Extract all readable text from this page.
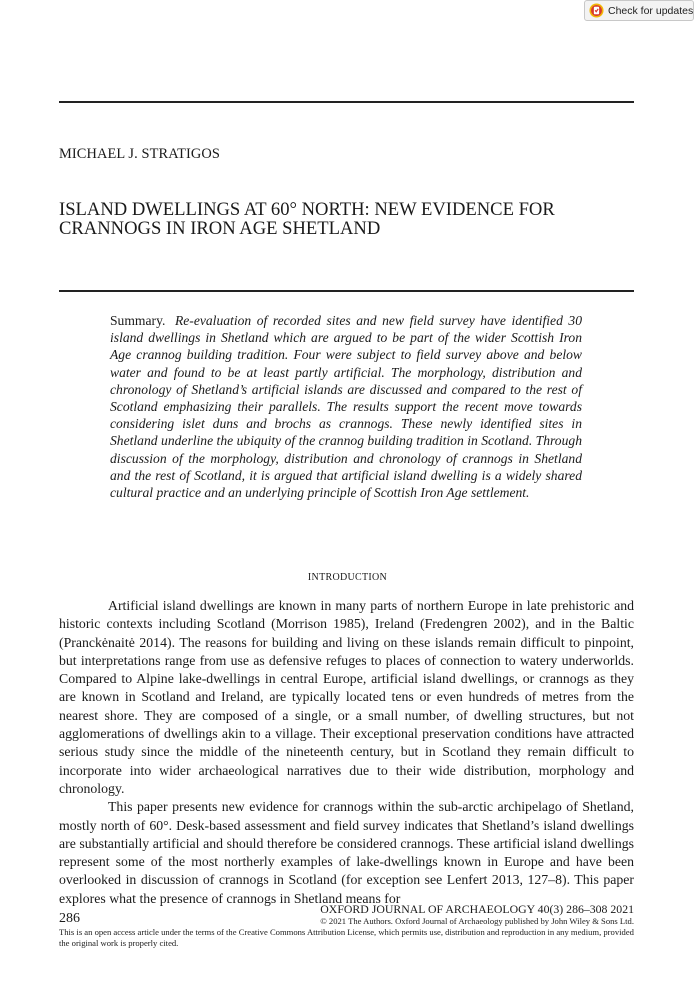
Check for updates
MICHAEL J. STRATIGOS
ISLAND DWELLINGS AT 60° NORTH: NEW EVIDENCE FOR
CRANNOGS IN IRON AGE SHETLAND
Summary. Re-evaluation of recorded sites and new field survey have identified 30 island dwellings in Shetland which are argued to be part of the wider Scottish Iron Age crannog building tradition. Four were subject to field survey above and below water and found to be at least partly artificial. The morphology, distribution and chronology of Shetland’s artificial islands are discussed and compared to the rest of Scotland emphasizing their parallels. The results support the recent move towards considering islet duns and brochs as crannogs. These newly identified sites in Shetland underline the ubiquity of the crannog building tradition in Scotland. Through discussion of the morphology, distribution and chronology of crannogs in Shetland and the rest of Scotland, it is argued that artificial island dwelling is a widely shared cultural practice and an underlying principle of Scottish Iron Age settlement.
INTRODUCTION

Artificial island dwellings are known in many parts of northern Europe in late prehistoric and historic contexts including Scotland (Morrison 1985), Ireland (Fredengren 2002), and in the Baltic (Pranckėnaitė 2014). The reasons for building and living on these islands remain difficult to pinpoint, but interpretations range from use as defensive refuges to places of connection to watery underworlds. Compared to Alpine lake-dwellings in central Europe, artificial island dwellings, or crannogs as they are known in Scotland and Ireland, are typically located tens or even hundreds of metres from the nearest shore. They are composed of a single, or a small number, of dwelling structures, but not agglomerations of dwellings akin to a village. Their exceptional preservation conditions have attracted serious study since the middle of the nineteenth century, but in Scotland they remain difficult to incorporate into wider archaeological narratives due to their wide distribution, morphology and chronology.

This paper presents new evidence for crannogs within the sub-arctic archipelago of Shetland, mostly north of 60°. Desk-based assessment and field survey indicates that Shetland’s island dwellings are substantially artificial and should therefore be considered crannogs. These artificial island dwellings represent some of the most northerly examples of lake-dwellings known in Europe and have been overlooked in discussion of crannogs in Scotland (for exception see Lenfert 2013, 127–8). This paper explores what the presence of crannogs in Shetland means for

OXFORD JOURNAL OF ARCHAEOLOGY 40(3) 286–308 2021
286	© 2021 The Authors. Oxford Journal of Archaeology published by John Wiley & Sons Ltd.
This is an open access article under the terms of the Creative Commons Attribution License, which permits use, distribution and reproduction in any medium, provided the original work is properly cited.
